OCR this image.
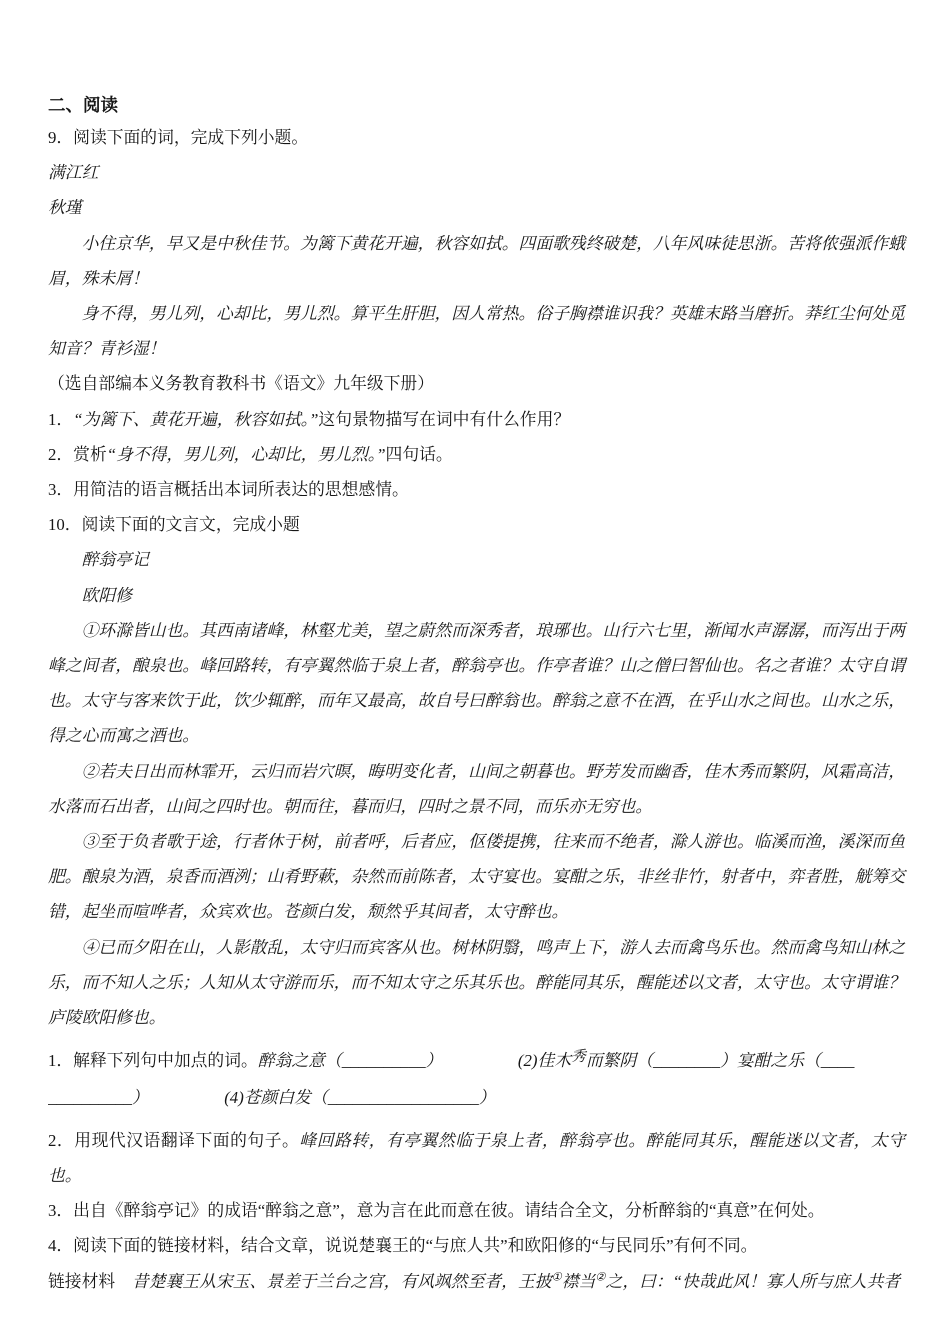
二、阅读

9．阅读下面的词，完成下列小题。

满江红

秋瑾

小住京华，早又是中秋佳节。为篱下黄花开遍，秋容如拭。四面歌残终破楚，八年风味徒思浙。苦将侬强派作蛾眉，殊未屑！

身不得，男儿列，心却比，男儿烈。算平生肝胆，因人常热。俗子胸襟谁识我？英雄末路当磨折。莽红尘何处觅知音？青衫湿！

（选自部编本义务教育教科书《语文》九年级下册）

1．“为篱下、黄花开遍，秋容如拭。”这句景物描写在词中有什么作用？

2．赏析“身不得，男儿列，心却比，男儿烈。”四句话。

3．用简洁的语言概括出本词所表达的思想感情。

10．阅读下面的文言文，完成小题

醉翁亭记

欧阳修

①环滁皆山也。其西南诸峰，林壑尤美，望之蔚然而深秀者，琅琊也。山行六七里，渐闻水声潺潺，而泻出于两峰之间者，酿泉也。峰回路转，有亭翼然临于泉上者，醉翁亭也。作亭者谁？山之僧曰智仙也。名之者谁？太守自谓也。太守与客来饮于此，饮少辄醉，而年又最高，故自号曰醉翁也。醉翁之意不在酒，在乎山水之间也。山水之乐，得之心而寓之酒也。

②若夫日出而林霏开，云归而岩穴暝，晦明变化者，山间之朝暮也。野芳发而幽香，佳木秀而繁阴，风霜高洁，水落而石出者，山间之四时也。朝而往，暮而归，四时之景不同，而乐亦无穷也。

③至于负者歌于途，行者休于树，前者呼，后者应，伛偻提携，往来而不绝者，滁人游也。临溪而渔，溪深而鱼肥。酿泉为酒，泉香而酒洌；山肴野蔌，杂然而前陈者，太守宴也。宴酣之乐，非丝非竹，射者中，弈者胜，觥筹交错，起坐而喧哗者，众宾欢也。苍颜白发，颓然乎其间者，太守醉也。

④已而夕阳在山，人影散乱，太守归而宾客从也。树林阴翳，鸣声上下，游人去而禽鸟乐也。然而禽鸟知山林之乐，而不知人之乐；人知从太守游而乐，而不知太守之乐其乐也。醉能同其乐，醒能述以文者，太守也。太守谓谁？庐陵欧阳修也。

1．解释下列句中加点的词。醉翁之意（__________）　　　　　	(2)佳木秀而繁阴（________）宴酣之乐（____

__________）　　　　　	(4)苍颜白发（__________________）

2．用现代汉语翻译下面的句子。峰回路转，有亭翼然临于泉上者，醉翁亭也。醉能同其乐，醒能迷以文者，太守也。

3．出自《醉翁亭记》的成语“醉翁之意”，意为言在此而意在彼。请结合全文，分析醉翁的“真意”在何处。

4．阅读下面的链接材料，结合文章，说说楚襄王的“与庶人共”和欧阳修的“与民同乐”有何不同。

链接材料　 昔楚襄王从宋玉、景差于兰台之宫，有风飒然至者，王披①襟当②之，曰：“快哉此风！寡人所与庶人共者
